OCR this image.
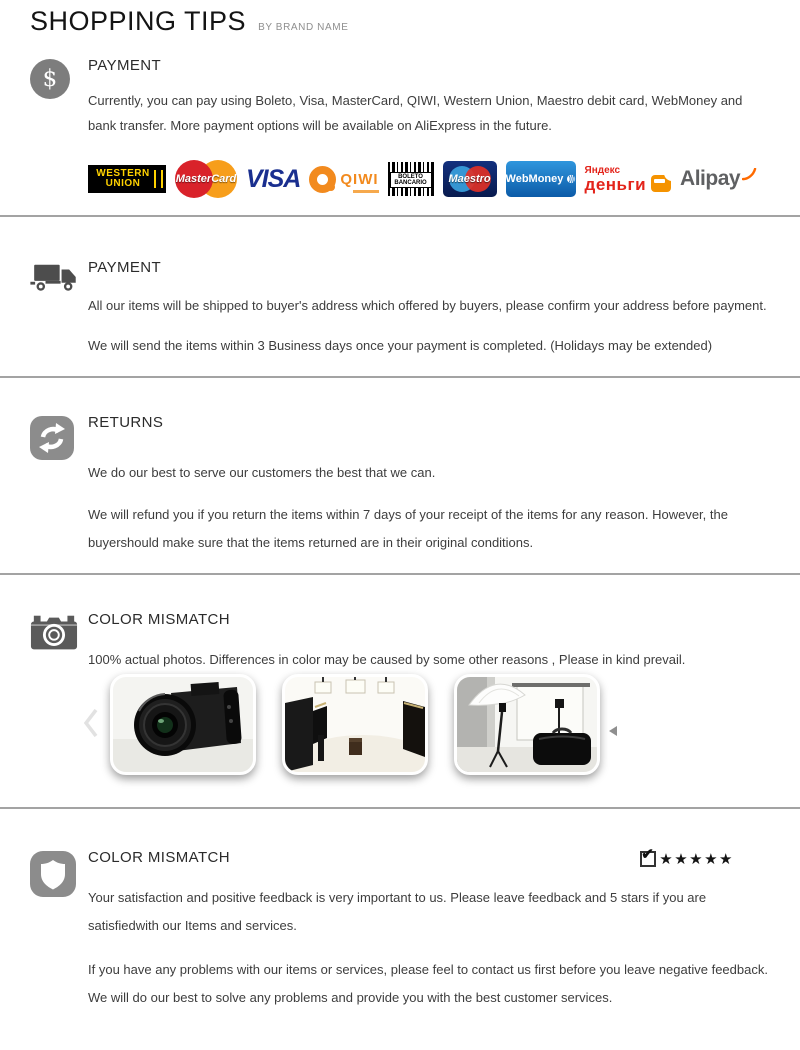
SHOPPING TIPS BY BRAND NAME
$
PAYMENT

Currently, you can pay using Boleto, Visa, MasterCard, QIWI, Western Union, Maestro debit card, WebMoney and bank transfer. More payment options will be available on AliExpress in the future.

WESTERN
UNION	MasterCard VISA	QIWI	BOLETO
BANCARIO	Maestro WebMoney
Яндекс
деньги Alipay
PAYMENT

All our items will be shipped to buyer's address which offered by buyers, please confirm your address before payment.

We will send the items within 3 Business days once your payment is completed. (Holidays may be extended)

RETURNS

We do our best to serve our customers the best that we can.

We will refund you if you return the items within 7 days of your receipt of the items for any reason. However, the buyershould make sure that the items returned are in their original conditions.

COLOR MISMATCH

100% actual photos. Differences in color may be caused by some other reasons , Please in kind prevail.

COLOR MISMATCH	✔ ★★★★★

Your satisfaction and positive feedback is very important to us. Please leave feedback and 5 stars if you are satisfiedwith our Items and services.

If you have any problems with our items or services, please feel to contact us first before you leave negative feedback. We will do our best to solve any problems and provide you with the best customer services.
